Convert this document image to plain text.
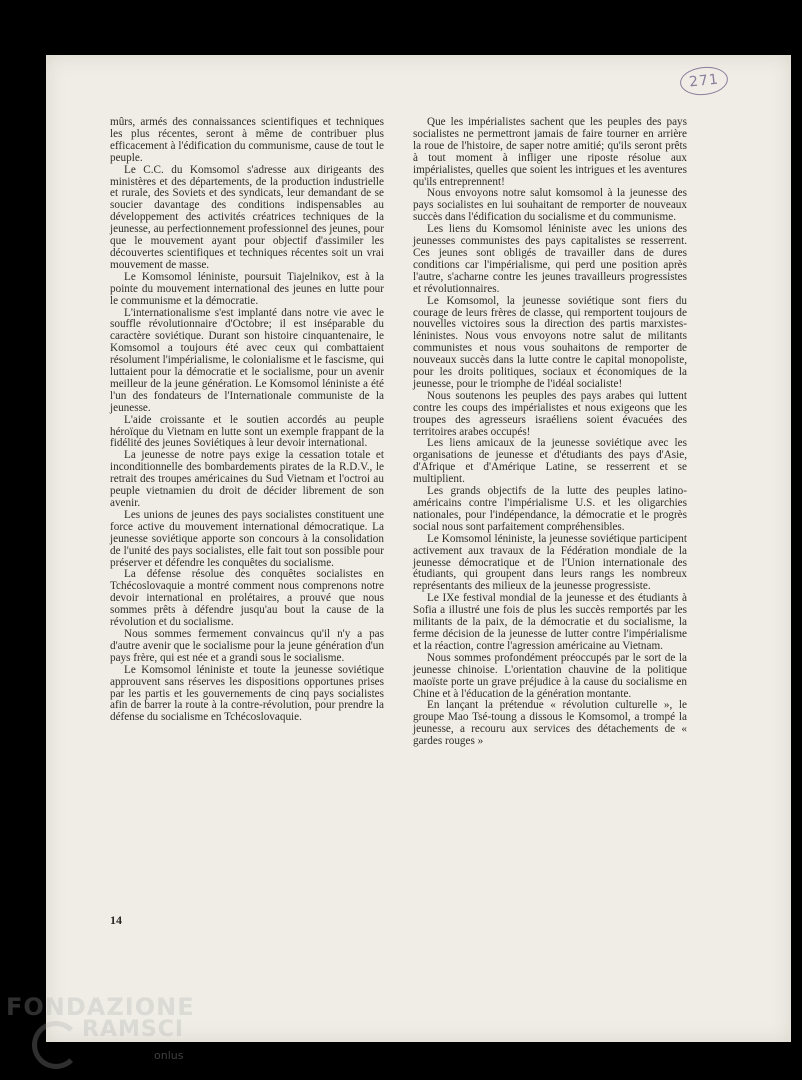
271

mûrs, armés des connaissances scientifiques et techniques les plus récentes, seront à même de contribuer plus efficacement à l'édification du communisme, cause de tout le peuple.

Le C.C. du Komsomol s'adresse aux dirigeants des ministères et des départements, de la production industrielle et rurale, des Soviets et des syndicats, leur demandant de se soucier davantage des conditions indispensables au développement des activités créatrices techniques de la jeunesse, au perfectionnement professionnel des jeunes, pour que le mouvement ayant pour objectif d'assimiler les découvertes scientifiques et techniques récentes soit un vrai mouvement de masse.

Le Komsomol léniniste, poursuit Tiajelnikov, est à la pointe du mouvement international des jeunes en lutte pour le communisme et la démocratie.

L'internationalisme s'est implanté dans notre vie avec le souffle révolutionnaire d'Octobre; il est inséparable du caractère soviétique. Durant son histoire cinquantenaire, le Komsomol a toujours été avec ceux qui combattaient résolument l'impérialisme, le colonialisme et le fascisme, qui luttaient pour la démocratie et le socialisme, pour un avenir meilleur de la jeune génération. Le Komsomol léniniste a été l'un des fondateurs de l'Internationale communiste de la jeunesse.

L'aide croissante et le soutien accordés au peuple héroïque du Vietnam en lutte sont un exemple frappant de la fidélité des jeunes Soviétiques à leur devoir international.

La jeunesse de notre pays exige la cessation totale et inconditionnelle des bombardements pirates de la R.D.V., le retrait des troupes américaines du Sud Vietnam et l'octroi au peuple vietnamien du droit de décider librement de son avenir.

Les unions de jeunes des pays socialistes constituent une force active du mouvement international démocratique. La jeunesse soviétique apporte son concours à la consolidation de l'unité des pays socialistes, elle fait tout son possible pour préserver et défendre les conquêtes du socialisme.

La défense résolue des conquêtes socialistes en Tchécoslovaquie a montré comment nous comprenons notre devoir international en prolétaires, a prouvé que nous sommes prêts à défendre jusqu'au bout la cause de la révolution et du socialisme.

Nous sommes fermement convaincus qu'il n'y a pas d'autre avenir que le socialisme pour la jeune génération d'un pays frère, qui est née et a grandi sous le socialisme.

Le Komsomol léniniste et toute la jeunesse soviétique approuvent sans réserves les dispositions opportunes prises par les partis et les gouvernements de cinq pays socialistes afin de barrer la route à la contre-révolution, pour prendre la défense du socialisme en Tchécoslovaquie.

Que les impérialistes sachent que les peuples des pays socialistes ne permettront jamais de faire tourner en arrière la roue de l'histoire, de saper notre amitié; qu'ils seront prêts à tout moment à infliger une riposte résolue aux impérialistes, quelles que soient les intrigues et les aventures qu'ils entreprennent!

Nous envoyons notre salut komsomol à la jeunesse des pays socialistes en lui souhaitant de remporter de nouveaux succès dans l'édification du socialisme et du communisme.

Les liens du Komsomol léniniste avec les unions des jeunesses communistes des pays capitalistes se resserrent. Ces jeunes sont obligés de travailler dans de dures conditions car l'impérialisme, qui perd une position après l'autre, s'acharne contre les jeunes travailleurs progressistes et révolutionnaires.

Le Komsomol, la jeunesse soviétique sont fiers du courage de leurs frères de classe, qui remportent toujours de nouvelles victoires sous la direction des partis marxistes-léninistes. Nous vous envoyons notre salut de militants communistes et nous vous souhaitons de remporter de nouveaux succès dans la lutte contre le capital monopoliste, pour les droits politiques, sociaux et économiques de la jeunesse, pour le triomphe de l'idéal socialiste!

Nous soutenons les peuples des pays arabes qui luttent contre les coups des impérialistes et nous exigeons que les troupes des agresseurs israéliens soient évacuées des territoires arabes occupés!

Les liens amicaux de la jeunesse soviétique avec les organisations de jeunesse et d'étudiants des pays d'Asie, d'Afrique et d'Amérique Latine, se resserrent et se multiplient.

Les grands objectifs de la lutte des peuples latino-américains contre l'impérialisme U.S. et les oligarchies nationales, pour l'indépendance, la démocratie et le progrès social nous sont parfaitement compréhensibles.

Le Komsomol léniniste, la jeunesse soviétique participent activement aux travaux de la Fédération mondiale de la jeunesse démocratique et de l'Union internationale des étudiants, qui groupent dans leurs rangs les nombreux représentants des milieux de la jeunesse progressiste.

Le IXe festival mondial de la jeunesse et des étudiants à Sofia a illustré une fois de plus les succès remportés par les militants de la paix, de la démocratie et du socialisme, la ferme décision de la jeunesse de lutter contre l'impérialisme et la réaction, contre l'agression américaine au Vietnam.

Nous sommes profondément préoccupés par le sort de la jeunesse chinoise. L'orientation chauvine de la politique maoïste porte un grave préjudice à la cause du socialisme en Chine et à l'éducation de la génération montante.

En lançant la prétendue « révolution culturelle », le groupe Mao Tsé-toung a dissous le Komsomol, a trompé la jeunesse, a recouru aux services des détachements de « gardes rouges »

14
FONDAZIONE
RAMSCI
onlus
